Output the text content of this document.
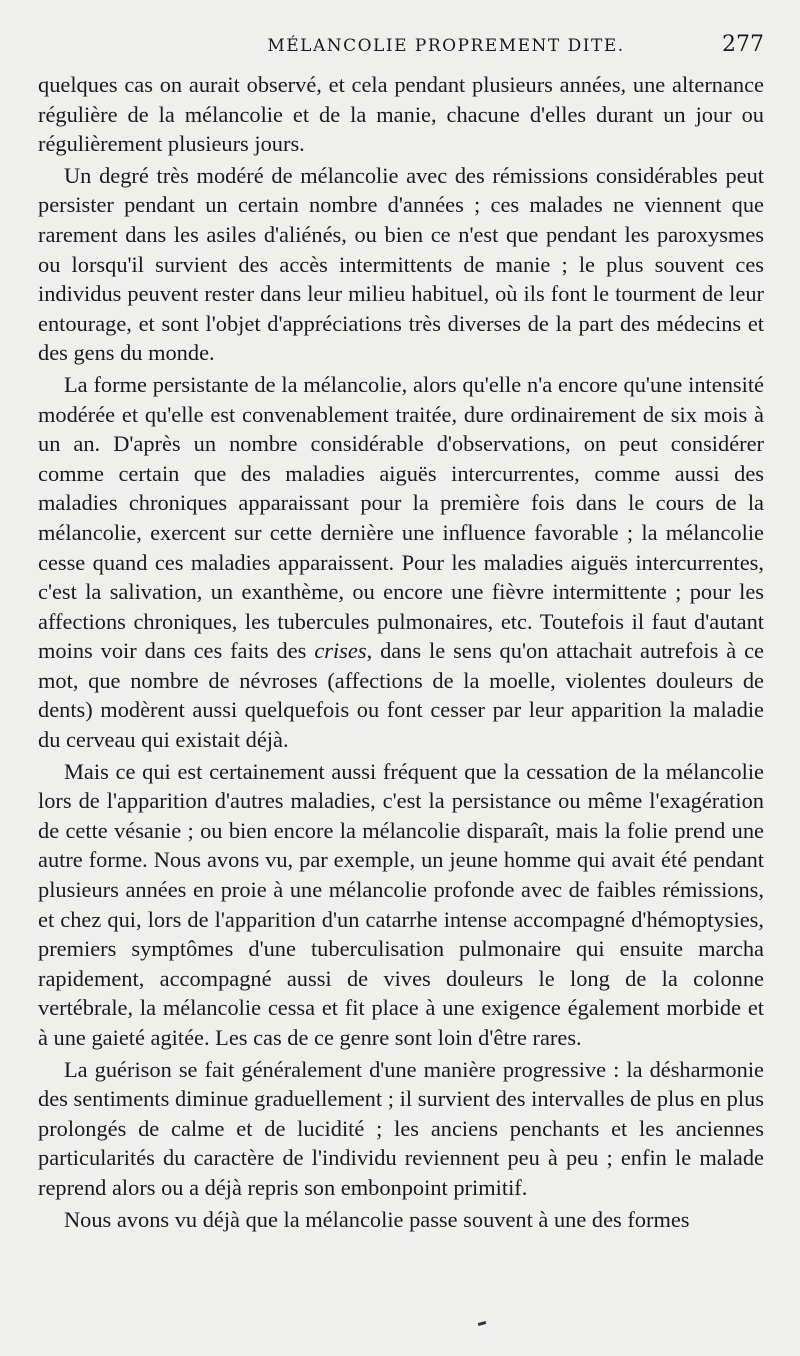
MÉLANCOLIE PROPREMENT DITE.	277

quelques cas on aurait observé, et cela pendant plusieurs années, une alternance régulière de la mélancolie et de la manie, chacune d'elles durant un jour ou régulièrement plusieurs jours.

Un degré très modéré de mélancolie avec des rémissions considérables peut persister pendant un certain nombre d'années ; ces malades ne viennent que rarement dans les asiles d'aliénés, ou bien ce n'est que pendant les paroxysmes ou lorsqu'il survient des accès intermittents de manie ; le plus souvent ces individus peuvent rester dans leur milieu habituel, où ils font le tourment de leur entourage, et sont l'objet d'appréciations très diverses de la part des médecins et des gens du monde.

La forme persistante de la mélancolie, alors qu'elle n'a encore qu'une intensité modérée et qu'elle est convenablement traitée, dure ordinairement de six mois à un an. D'après un nombre considérable d'observations, on peut considérer comme certain que des maladies aiguës intercurrentes, comme aussi des maladies chroniques apparaissant pour la première fois dans le cours de la mélancolie, exercent sur cette dernière une influence favorable ; la mélancolie cesse quand ces maladies apparaissent. Pour les maladies aiguës intercurrentes, c'est la salivation, un exanthème, ou encore une fièvre intermittente ; pour les affections chroniques, les tubercules pulmonaires, etc. Toutefois il faut d'autant moins voir dans ces faits des crises, dans le sens qu'on attachait autrefois à ce mot, que nombre de névroses (affections de la moelle, violentes douleurs de dents) modèrent aussi quelquefois ou font cesser par leur apparition la maladie du cerveau qui existait déjà.

Mais ce qui est certainement aussi fréquent que la cessation de la mélancolie lors de l'apparition d'autres maladies, c'est la persistance ou même l'exagération de cette vésanie ; ou bien encore la mélancolie disparaît, mais la folie prend une autre forme. Nous avons vu, par exemple, un jeune homme qui avait été pendant plusieurs années en proie à une mélancolie profonde avec de faibles rémissions, et chez qui, lors de l'apparition d'un catarrhe intense accompagné d'hémoptysies, premiers symptômes d'une tuberculisation pulmonaire qui ensuite marcha rapidement, accompagné aussi de vives douleurs le long de la colonne vertébrale, la mélancolie cessa et fit place à une exigence également morbide et à une gaieté agitée. Les cas de ce genre sont loin d'être rares.

La guérison se fait généralement d'une manière progressive : la désharmonie des sentiments diminue graduellement ; il survient des intervalles de plus en plus prolongés de calme et de lucidité ; les anciens penchants et les anciennes particularités du caractère de l'individu reviennent peu à peu ; enfin le malade reprend alors ou a déjà repris son embonpoint primitif.

Nous avons vu déjà que la mélancolie passe souvent à une des formes
